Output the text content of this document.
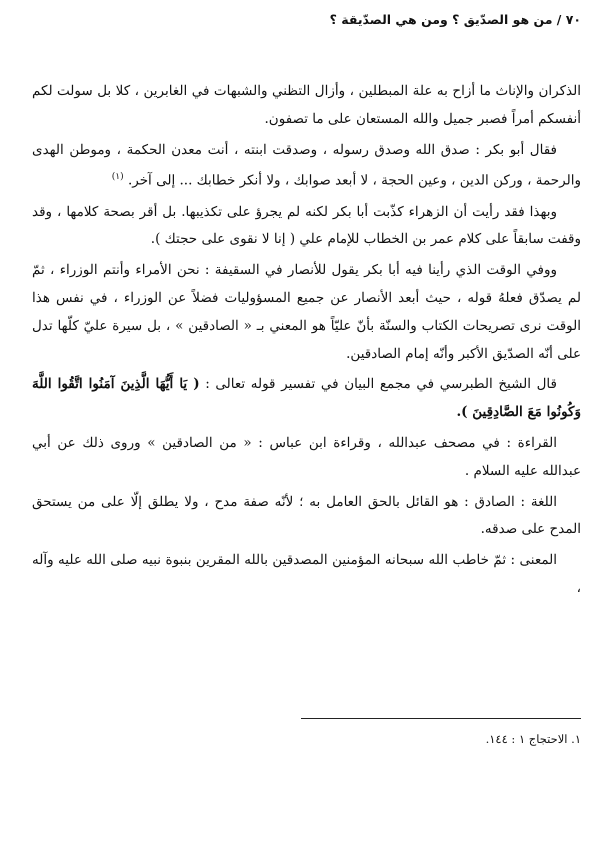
٧٠ / من هو الصدّيق ؟ ومن هي الصدّيقة ؟

الذكران والإناث ما أزاح به علة المبطلين ، وأزال التظني والشبهات في الغابرين ، كلا بل سولت لكم أنفسكم أمراً فصبر جميل والله المستعان على ما تصفون.

فقال أبو بكر : صدق الله وصدق رسوله ، وصدقت ابنته ، أنت معدن الحكمة ، وموطن الهدى والرحمة ، وركن الدين ، وعين الحجة ، لا أبعد صوابك ، ولا أنكر خطابك ... إلى آخر. $^{(١)}$

وبهذا فقد رأيت أن الزهراء كذّبت أبا بكر لكنه لم يجرؤ على تكذيبها. بل أقر بصحة كلامها ، وقد وقفت سابقاً على كلام عمر بن الخطاب للإمام علي ( إنا لا نقوى على حجتك ).

ووفي الوقت الذي رأينا فيه أبا بكر يقول للأنصار في السقيفة : نحن الأمراء وأنتم الوزراء ، ثمّ لم يصدّق فعلهُ قوله ، حيث أبعد الأنصار عن جميع المسؤوليات فضلاً عن الوزراء ، في نفس هذا الوقت نرى تصريحات الكتاب والسنّة بأنّ عليّاً هو المعني بـ « الصادقين » ، بل سيرة عليّ كلّها تدل على أنّه الصدّيق الأكبر وأنّه إمام الصادقين.

قال الشيخ الطبرسي في مجمع البيان في تفسير قوله تعالى : ( يَا أَيُّهَا الَّذِينَ آمَنُوا اتَّقُوا اللَّهَ وَكُونُوا مَعَ الصَّادِقِينَ ).

القراءة : في مصحف عبدالله ، وقراءة ابن عباس : « من الصادقين » وروى ذلك عن أبي عبدالله عليه السلام .

اللغة : الصادق : هو القائل بالحق العامل به ؛ لأنّه صفة مدح ، ولا يطلق إلّا على من يستحق المدح على صدقه.

المعنى : ثمّ خاطب الله سبحانه المؤمنين المصدقين بالله المقرين بنبوة نبيه صلى الله عليه وآله ،

١. الاحتجاج ١ : ١٤٤.
